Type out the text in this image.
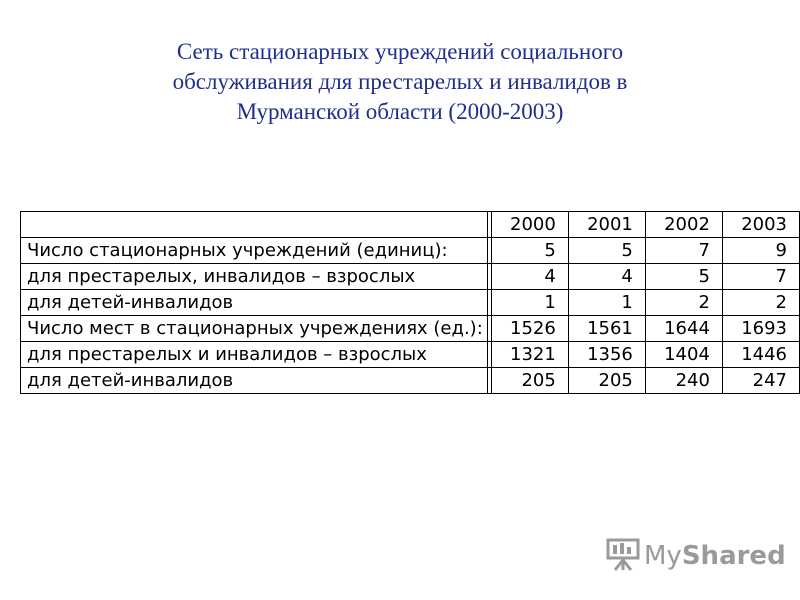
Сеть стационарных учреждений социального
обслуживания для престарелых и инвалидов в
Мурманской области (2000-2003)
		2000	2001	2002	2003
Число стационарных учреждений (единиц):		5	5	7	9
для престарелых, инвалидов – взрослых		4	4	5	7
для детей-инвалидов		1	1	2	2
Число мест в стационарных учреждениях (ед.):		1526	1561	1644	1693
для престарелых и инвалидов – взрослых		1321	1356	1404	1446
для детей-инвалидов		205	205	240	247
MyShared
